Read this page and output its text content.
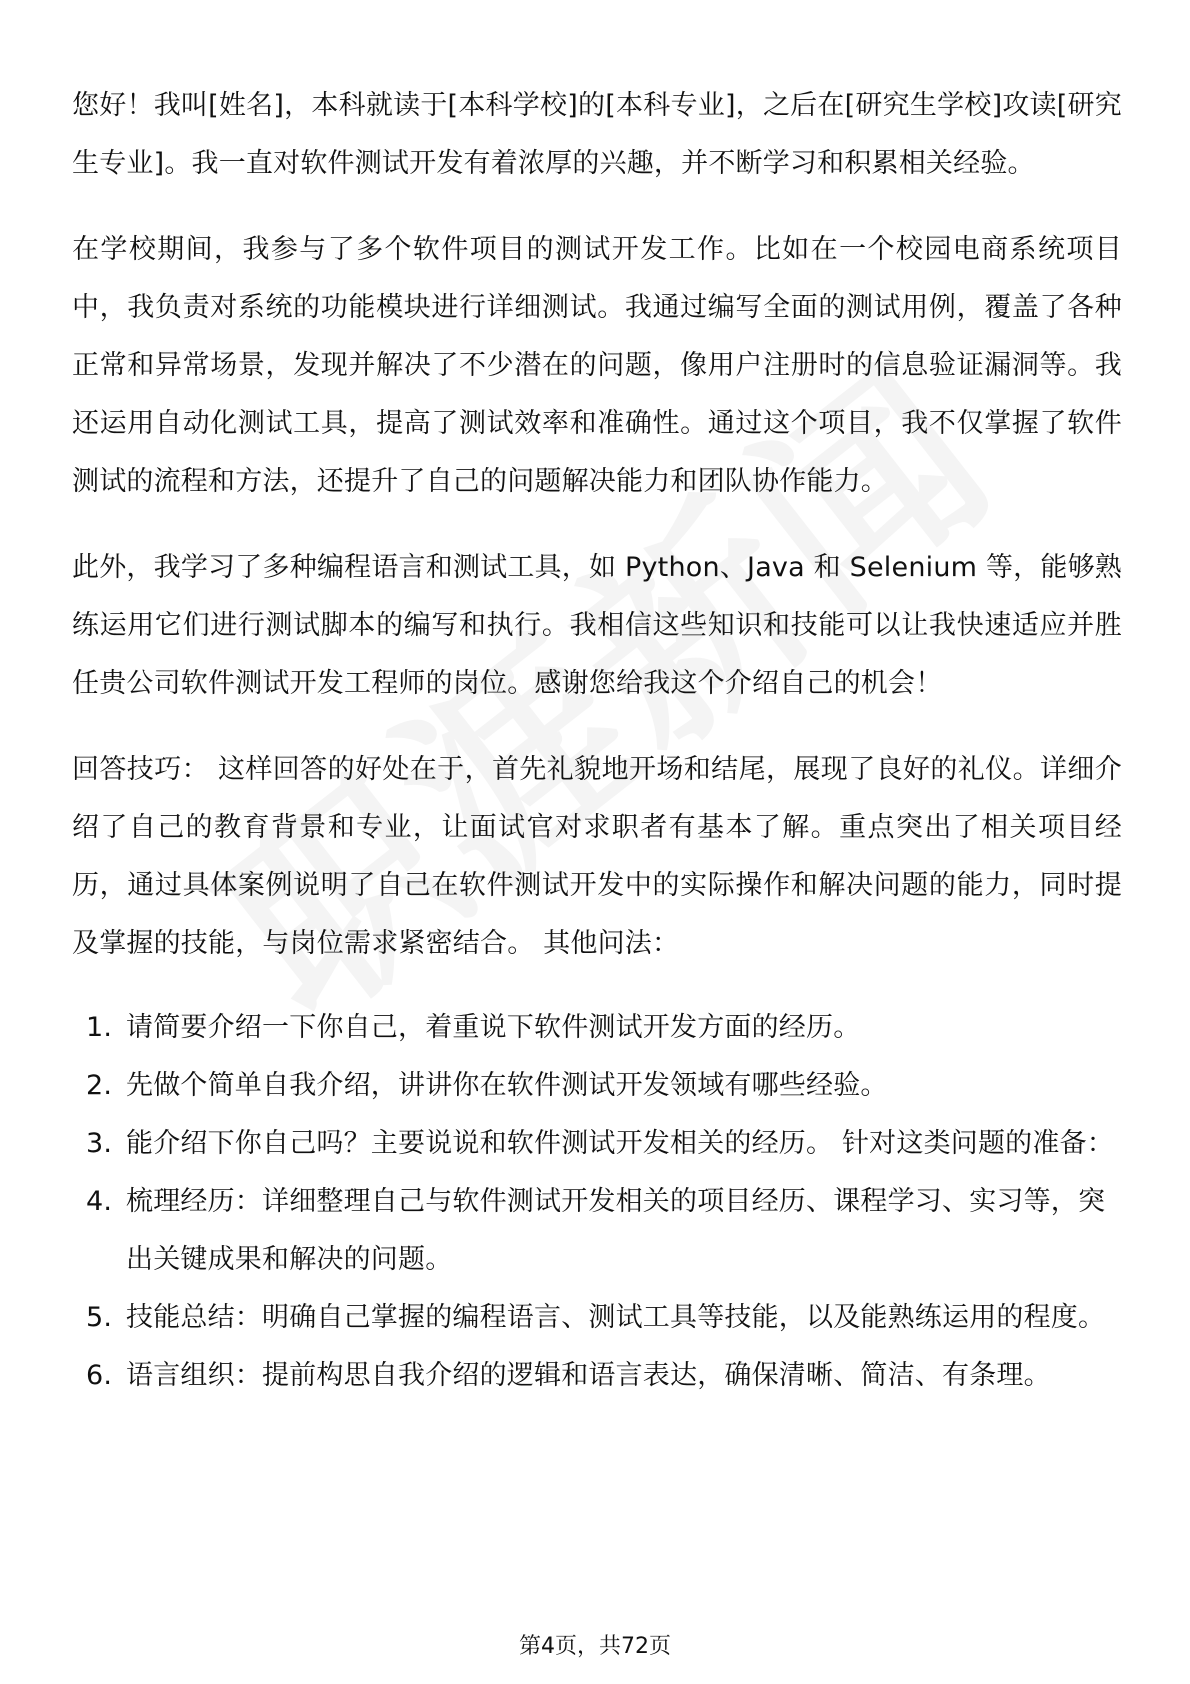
您好！我叫[姓名]，本科就读于[本科学校]的[本科专业]，之后在[研究生学校]攻读[研究生专业]。我一直对软件测试开发有着浓厚的兴趣，并不断学习和积累相关经验。

在学校期间，我参与了多个软件项目的测试开发工作。比如在一个校园电商系统项目中，我负责对系统的功能模块进行详细测试。我通过编写全面的测试用例，覆盖了各种正常和异常场景，发现并解决了不少潜在的问题，像用户注册时的信息验证漏洞等。我还运用自动化测试工具，提高了测试效率和准确性。通过这个项目，我不仅掌握了软件测试的流程和方法，还提升了自己的问题解决能力和团队协作能力。

此外，我学习了多种编程语言和测试工具，如 Python、Java 和 Selenium 等，能够熟练运用它们进行测试脚本的编写和执行。我相信这些知识和技能可以让我快速适应并胜任贵公司软件测试开发工程师的岗位。感谢您给我这个介绍自己的机会！

回答技巧： 这样回答的好处在于，首先礼貌地开场和结尾，展现了良好的礼仪。详细介绍了自己的教育背景和专业，让面试官对求职者有基本了解。重点突出了相关项目经历，通过具体案例说明了自己在软件测试开发中的实际操作和解决问题的能力，同时提及掌握的技能，与岗位需求紧密结合。 其他问法：

1. 请简要介绍一下你自己，着重说下软件测试开发方面的经历。
2. 先做个简单自我介绍，讲讲你在软件测试开发领域有哪些经验。
3. 能介绍下你自己吗？主要说说和软件测试开发相关的经历。 针对这类问题的准备：
4. 梳理经历：详细整理自己与软件测试开发相关的项目经历、课程学习、实习等，突出关键成果和解决的问题。
5. 技能总结：明确自己掌握的编程语言、测试工具等技能，以及能熟练运用的程度。
6. 语言组织：提前构思自我介绍的逻辑和语言表达，确保清晰、简洁、有条理。
第4页，共72页
